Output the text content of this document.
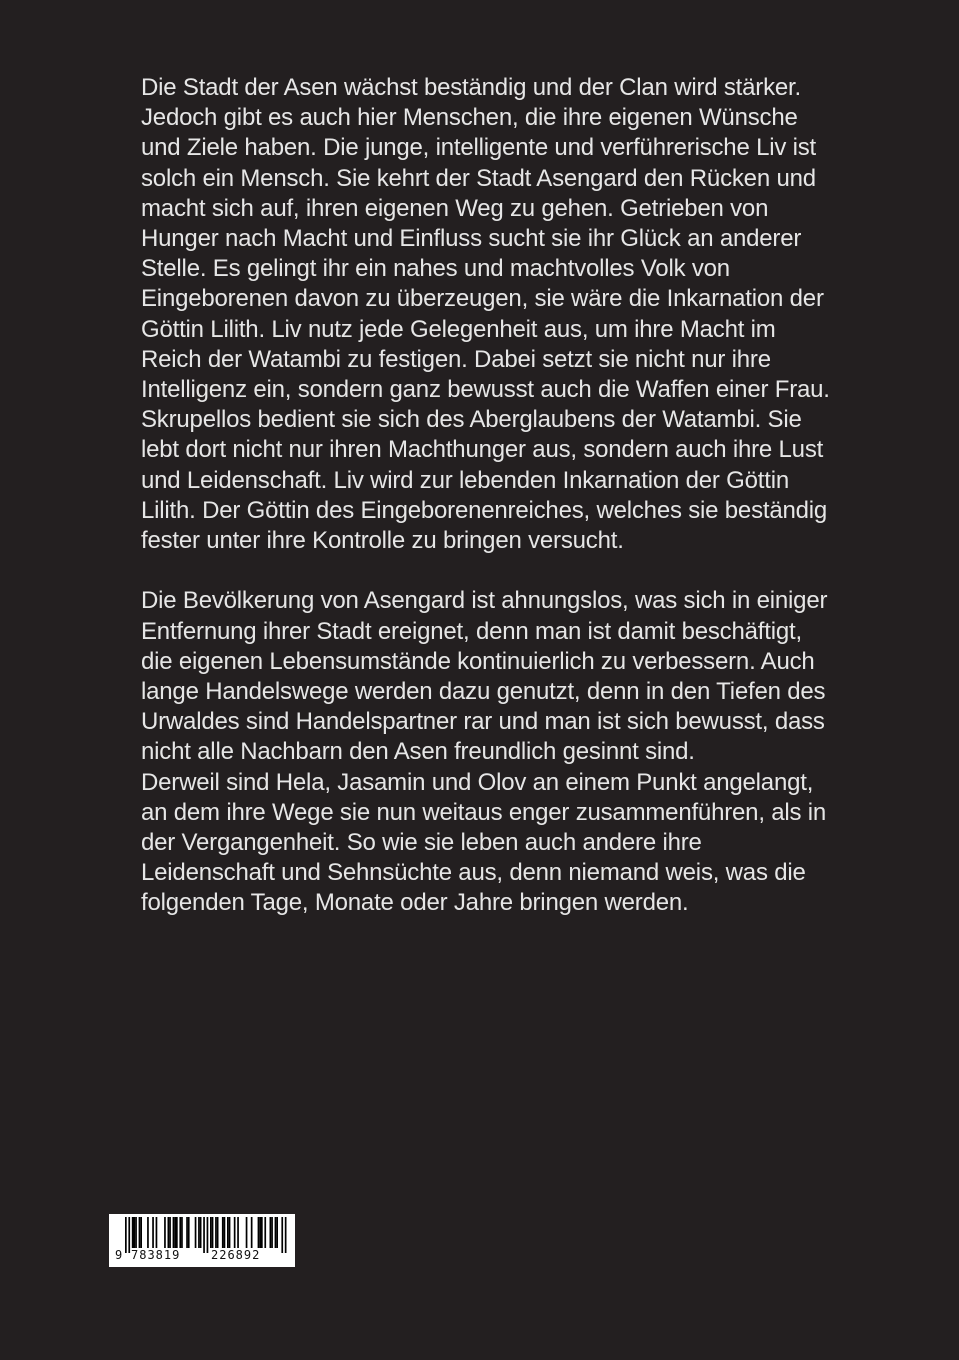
Die Stadt der Asen wächst beständig und der Clan wird stärker. Jedoch gibt es auch hier Menschen, die ihre eigenen Wünsche und Ziele haben. Die junge, intelligente und verführerische Liv ist solch ein Mensch. Sie kehrt der Stadt Asengard den Rücken und macht sich auf, ihren eigenen Weg zu gehen. Getrieben von Hunger nach Macht und Einfluss sucht sie ihr Glück an anderer Stelle. Es gelingt ihr ein nahes und machtvolles Volk von Eingeborenen davon zu überzeugen, sie wäre die Inkarnation der Göttin Lilith. Liv nutz jede Gelegenheit aus, um ihre Macht im Reich der Watambi zu festigen. Dabei setzt sie nicht nur ihre Intelligenz ein, sondern ganz bewusst auch die Waffen einer Frau. Skrupellos bedient sie sich des Aberglaubens der Watambi. Sie lebt dort nicht nur ihren Machthunger aus, sondern auch ihre Lust und Leidenschaft. Liv wird zur lebenden Inkarnation der Göttin Lilith. Der Göttin des Eingeborenenreiches, welches sie beständig fester unter ihre Kontrolle zu bringen versucht.

Die Bevölkerung von Asengard ist ahnungslos, was sich in einiger Entfernung ihrer Stadt ereignet, denn man ist damit beschäftigt, die eigenen Lebensumstände kontinuierlich zu verbessern. Auch lange Handelswege werden dazu genutzt, denn in den Tiefen des Urwaldes sind Handelspartner rar und man ist sich bewusst, dass nicht alle Nachbarn den Asen freundlich gesinnt sind.

Derweil sind Hela, Jasamin und Olov an einem Punkt angelangt, an dem ihre Wege sie nun weitaus enger zusammenführen, als in der Vergangenheit. So wie sie leben auch andere ihre Leidenschaft und Sehnsüchte aus, denn niemand weis, was die folgenden Tage, Monate oder Jahre bringen werden.

9 783819	226892
